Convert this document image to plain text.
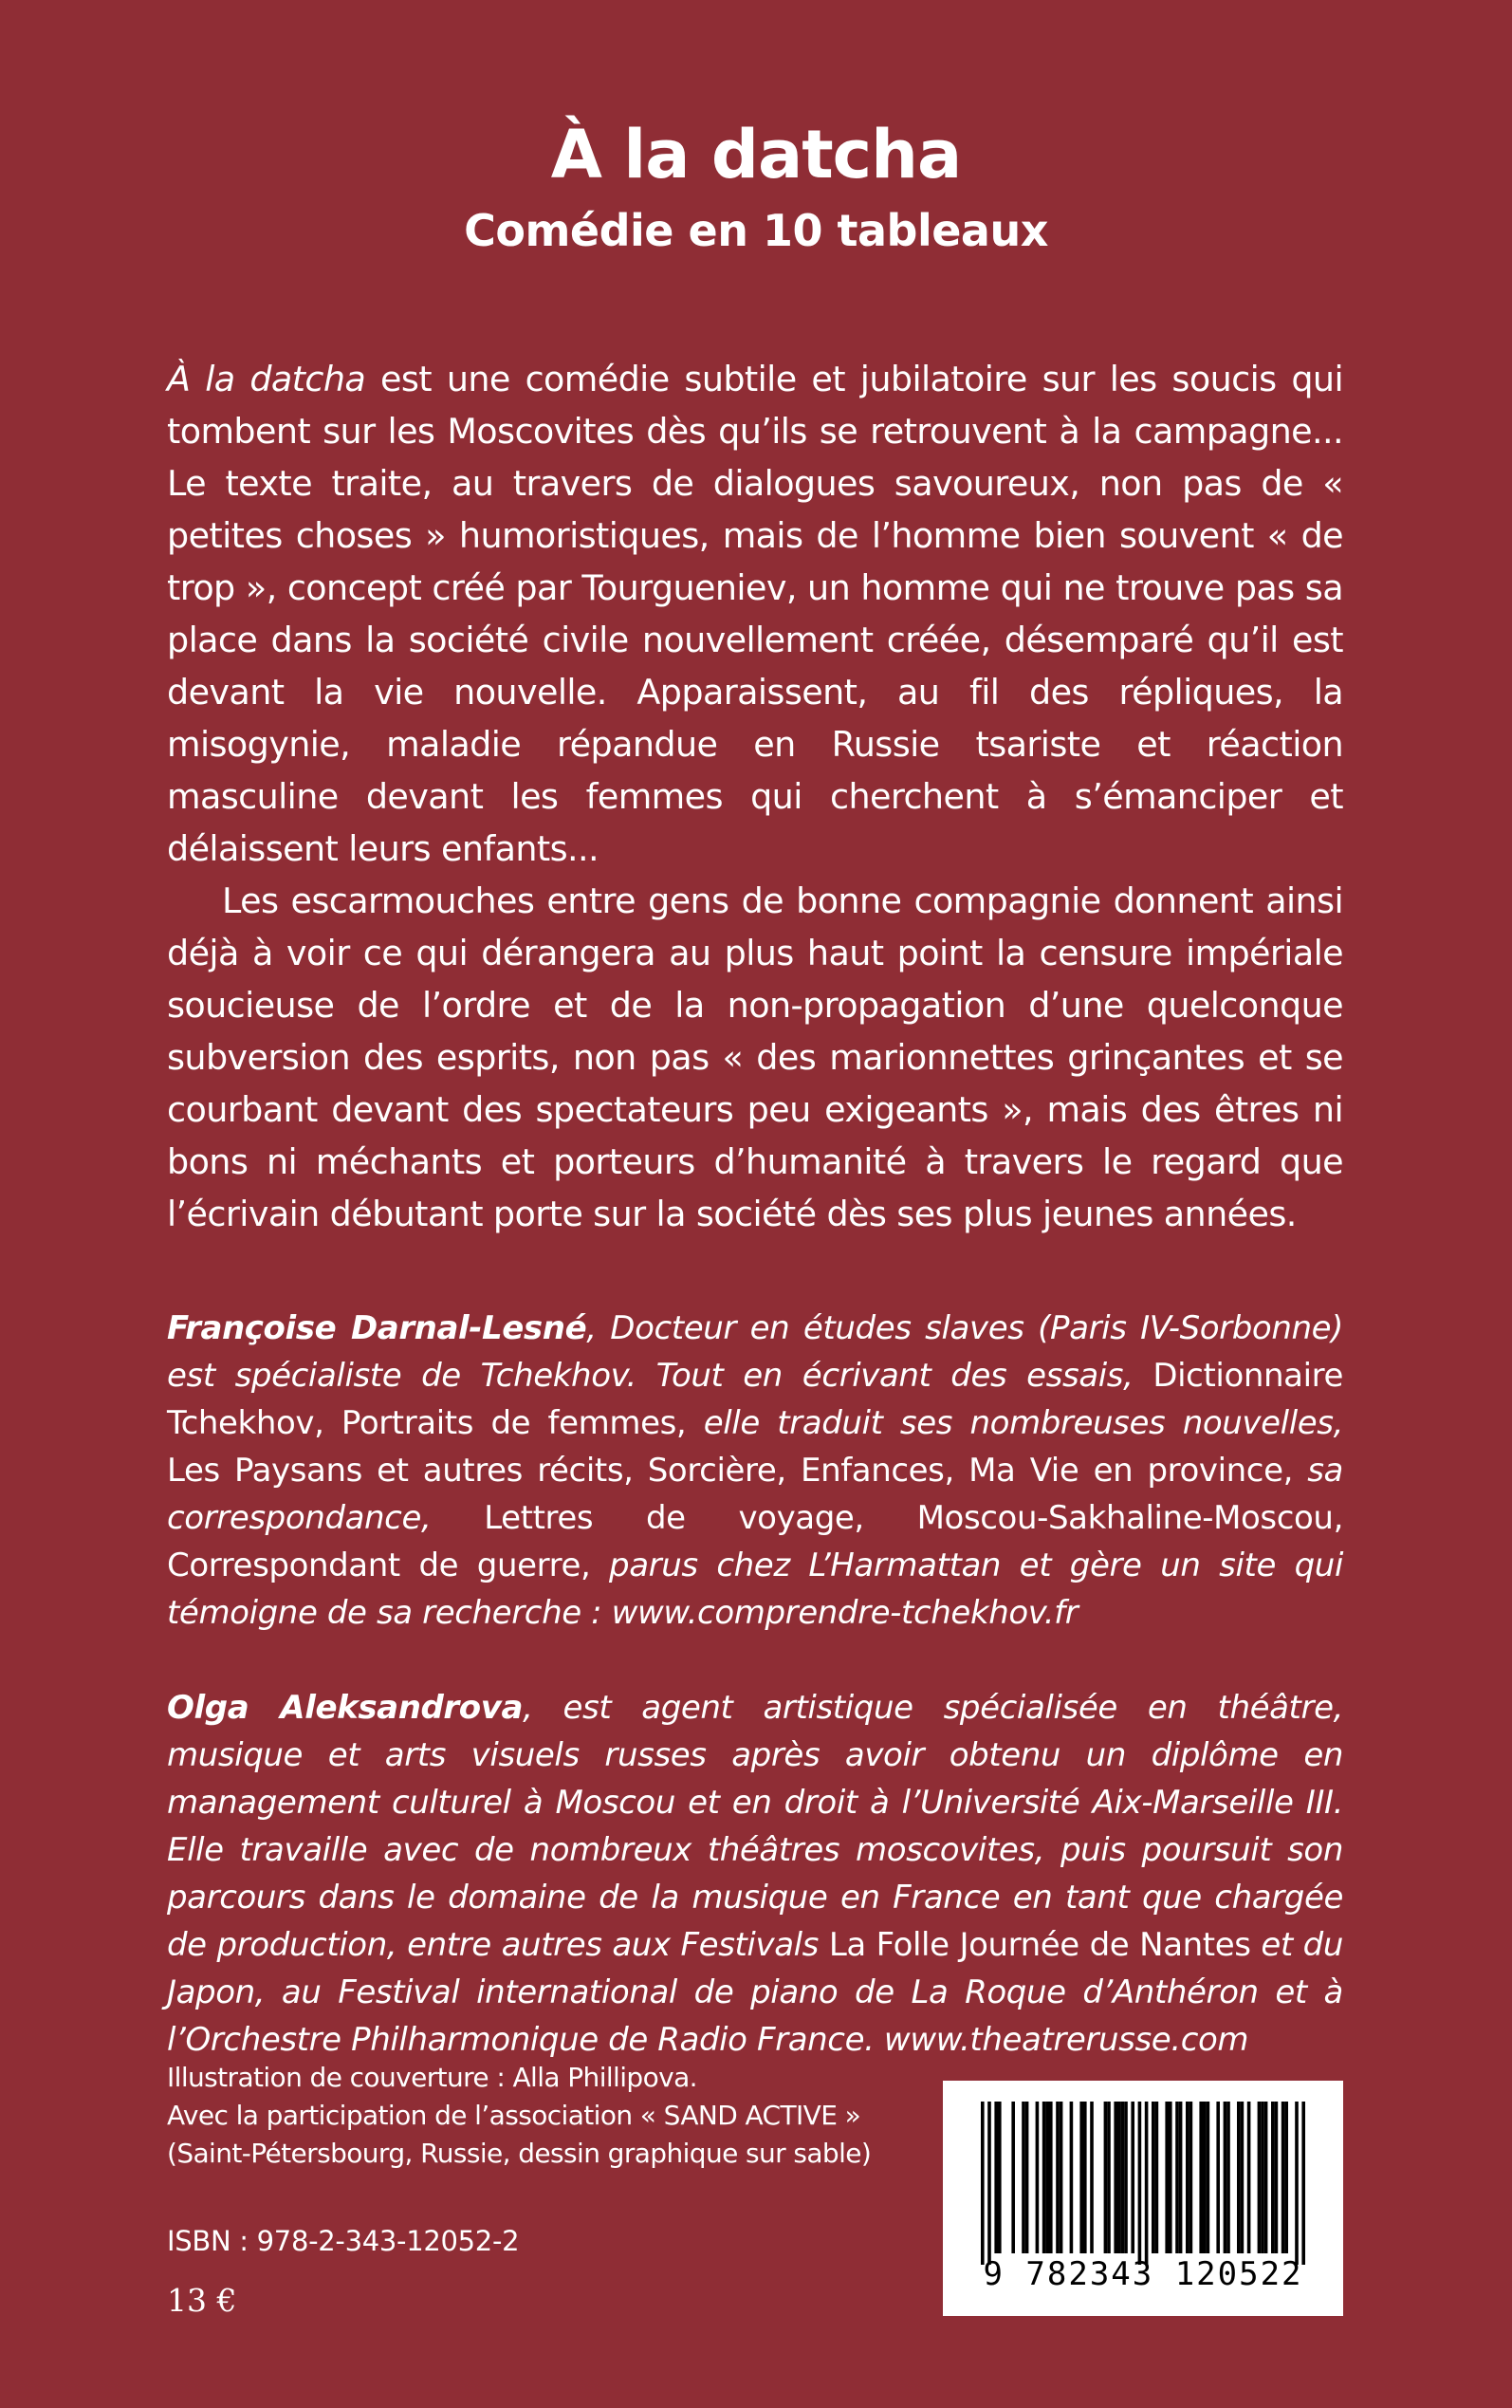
À la datcha
Comédie en 10 tableaux

À la datcha est une comédie subtile et jubilatoire sur les soucis qui tombent sur les Moscovites dès qu’ils se retrouvent à la campagne... Le texte traite, au travers de dialogues savoureux, non pas de « petites choses » humoristiques, mais de l’homme bien souvent « de trop », concept créé par Tourgueniev, un homme qui ne trouve pas sa place dans la société civile nouvellement créée, désemparé qu’il est devant la vie nouvelle. Apparaissent, au fil des répliques, la misogynie, maladie répandue en Russie tsariste et réaction masculine devant les femmes qui cherchent à s’émanciper et délaissent leurs enfants...

Les escarmouches entre gens de bonne compagnie donnent ainsi déjà à voir ce qui dérangera au plus haut point la censure impériale soucieuse de l’ordre et de la non-propagation d’une quelconque subversion des esprits, non pas « des marionnettes grinçantes et se courbant devant des spectateurs peu exigeants », mais des êtres ni bons ni méchants et porteurs d’humanité à travers le regard que l’écrivain débutant porte sur la société dès ses plus jeunes années.

Françoise Darnal-Lesné, Docteur en études slaves (Paris IV-Sorbonne) est spécialiste de Tchekhov. Tout en écrivant des essais, Dictionnaire Tchekhov, Portraits de femmes, elle traduit ses nombreuses nouvelles, Les Paysans et autres récits, Sorcière, Enfances, Ma Vie en province, sa correspondance, Lettres de voyage, Moscou-Sakhaline-Moscou, Correspondant de guerre, parus chez L’Harmattan et gère un site qui témoigne de sa recherche : www.comprendre-tchekhov.fr
Olga Aleksandrova, est agent artistique spécialisée en théâtre, musique et arts visuels russes après avoir obtenu un diplôme en management culturel à Moscou et en droit à l’Université Aix-Marseille III. Elle travaille avec de nombreux théâtres moscovites, puis poursuit son parcours dans le domaine de la musique en France en tant que chargée de production, entre autres aux Festivals La Folle Journée de Nantes et du Japon, au Festival international de piano de La Roque d’Anthéron et à l’Orchestre Philharmonique de Radio France. www.theatrerusse.com
Illustration de couverture : Alla Phillipova.
Avec la participation de l’association « SAND ACTIVE »
(Saint-Pétersbourg, Russie, dessin graphique sur sable)
ISBN : 978-2-343-12052-2
13 €
9 782343 120522
